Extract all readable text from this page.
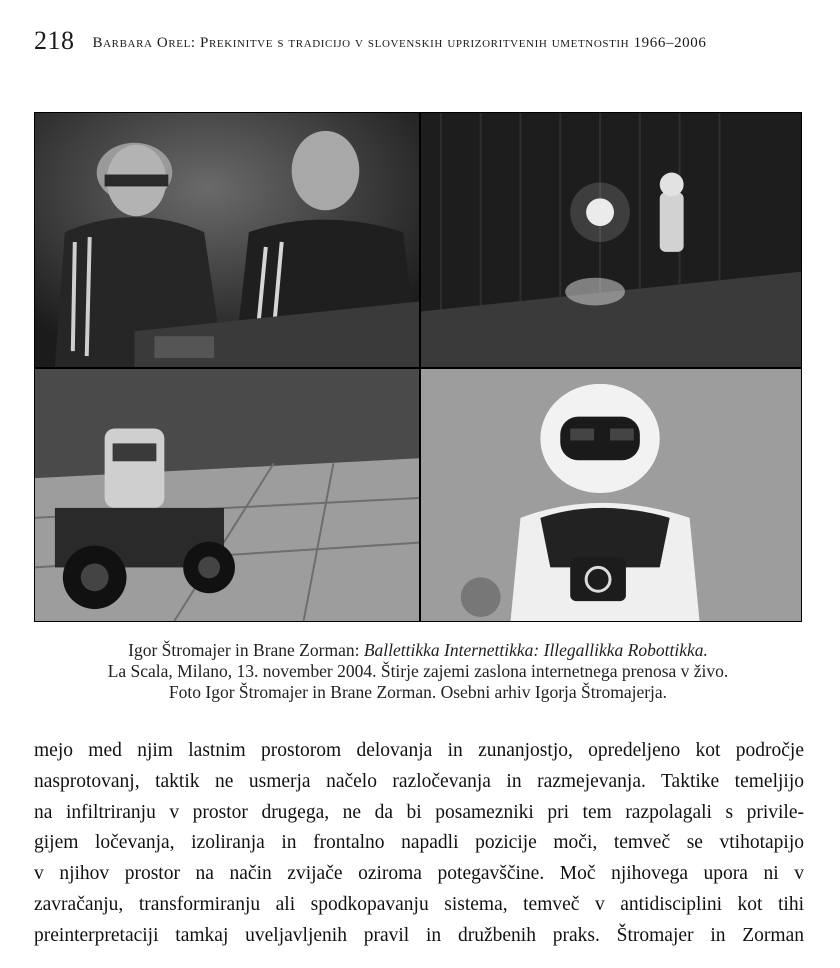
218 Barbara Orel: Prekinitve s tradicijo v slovenskih uprizoritvenih umetnostih 1966–2006
Igor Štromajer in Brane Zorman: Ballettikka Internettikka: Illegallikka Robottikka.
La Scala, Milano, 13. november 2004. Štirje zajemi zaslona internetnega prenosa v živo.
Foto Igor Štromajer in Brane Zorman. Osebni arhiv Igorja Štromajerja.
mejo med njim lastnim prostorom delovanja in zunanjostjo, opredeljeno kot področje
nasprotovanj, taktik ne usmerja načelo razločevanja in razmejevanja. Taktike temeljijo
na infiltriranju v prostor drugega, ne da bi posamezniki pri tem razpolagali s privile-
gijem ločevanja, izoliranja in frontalno napadli pozicije moči, temveč se vtihotapijo
v njihov prostor na način zvijače oziroma potegavščine. Moč njihovega upora ni v
zavračanju, transformiranju ali spodkopavanju sistema, temveč v antidisciplini kot tihi
preinterpretaciji tamkaj uveljavljenih pravil in družbenih praks. Štromajer in Zorman
